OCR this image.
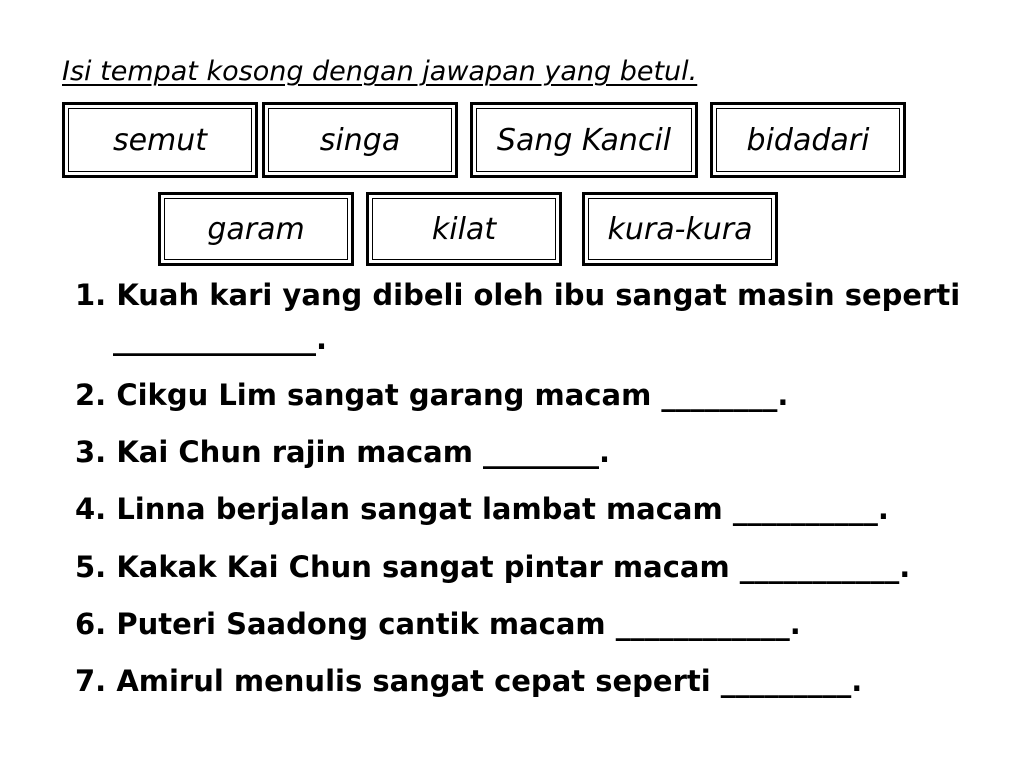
Isi tempat kosong dengan jawapan yang betul.
semut	singa	Sang Kancil	bidadari
garam	kilat	kura-kura
1. Kuah kari yang dibeli oleh ibu sangat masin seperti
______________.
2. Cikgu Lim sangat garang macam ________.
3. Kai Chun rajin macam ________.
4. Linna berjalan sangat lambat macam __________.
5. Kakak Kai Chun sangat pintar macam ___________.
6. Puteri Saadong cantik macam ____________.
7. Amirul menulis sangat cepat seperti _________.
